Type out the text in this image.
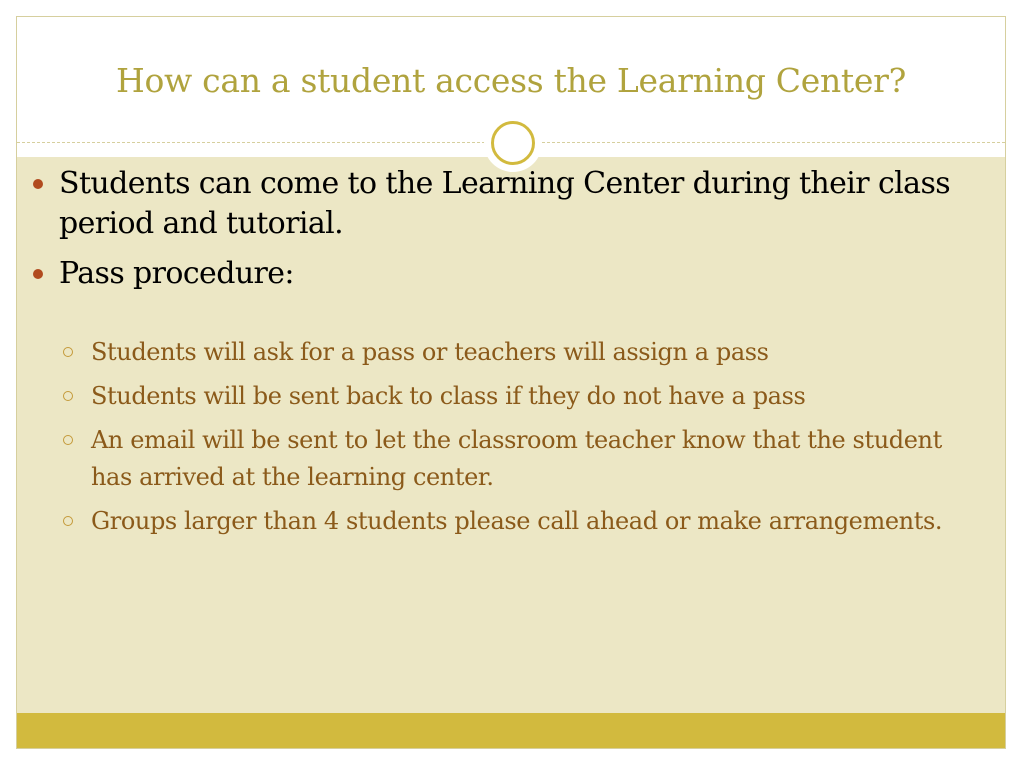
How can a student access the Learning Center?
Students can come to the Learning Center during their class period and tutorial.
Pass procedure:
Students will ask for a pass or teachers will assign a pass
Students will be sent back to class if they do not have a pass
An email will be sent to let the classroom teacher know that the student has arrived at the learning center.
Groups larger than 4 students please call ahead or make arrangements.
